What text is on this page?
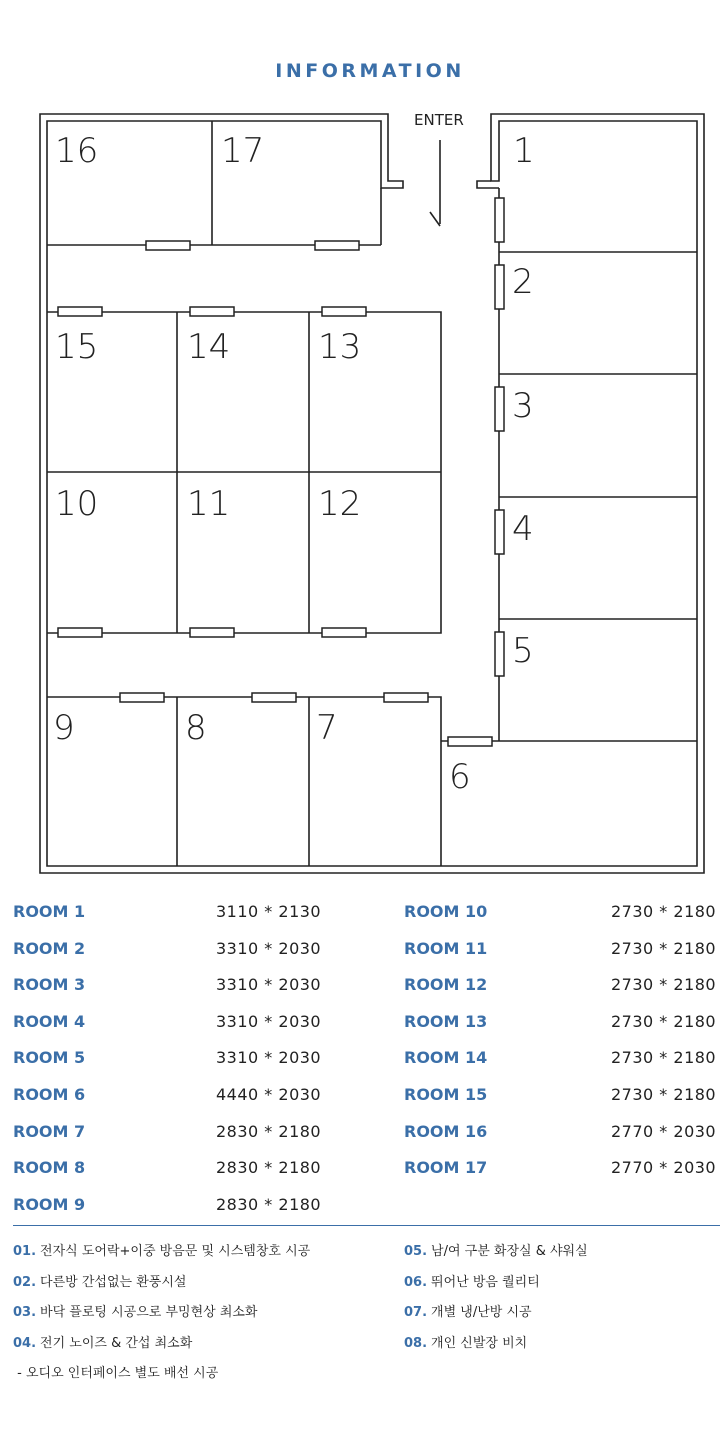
INFORMATION
ENTER
16	17	1
2
15	14	13
3
10	11	12
4
5
9	8	7
6
ROOM 1	3110 * 2130
ROOM 2	3310 * 2030
ROOM 3	3310 * 2030
ROOM 4	3310 * 2030
ROOM 5	3310 * 2030
ROOM 6	4440 * 2030
ROOM 7	2830 * 2180
ROOM 8	2830 * 2180
ROOM 9	2830 * 2180
ROOM 10	2730 * 2180
ROOM 11	2730 * 2180
ROOM 12	2730 * 2180
ROOM 13	2730 * 2180
ROOM 14	2730 * 2180
ROOM 15	2730 * 2180
ROOM 16	2770 * 2030
ROOM 17	2770 * 2030
01. 전자식 도어락+이중 방음문 및 시스템창호 시공
02. 다른방 간섭없는 환풍시설
03. 바닥 플로팅 시공으로 부밍현상 최소화
04. 전기 노이즈 & 간섭 최소화
- 오디오 인터페이스 별도 배선 시공
05. 남/여 구분 화장실 & 샤워실
06. 뛰어난 방음 퀄리티
07. 개별 냉/난방 시공
08. 개인 신발장 비치
